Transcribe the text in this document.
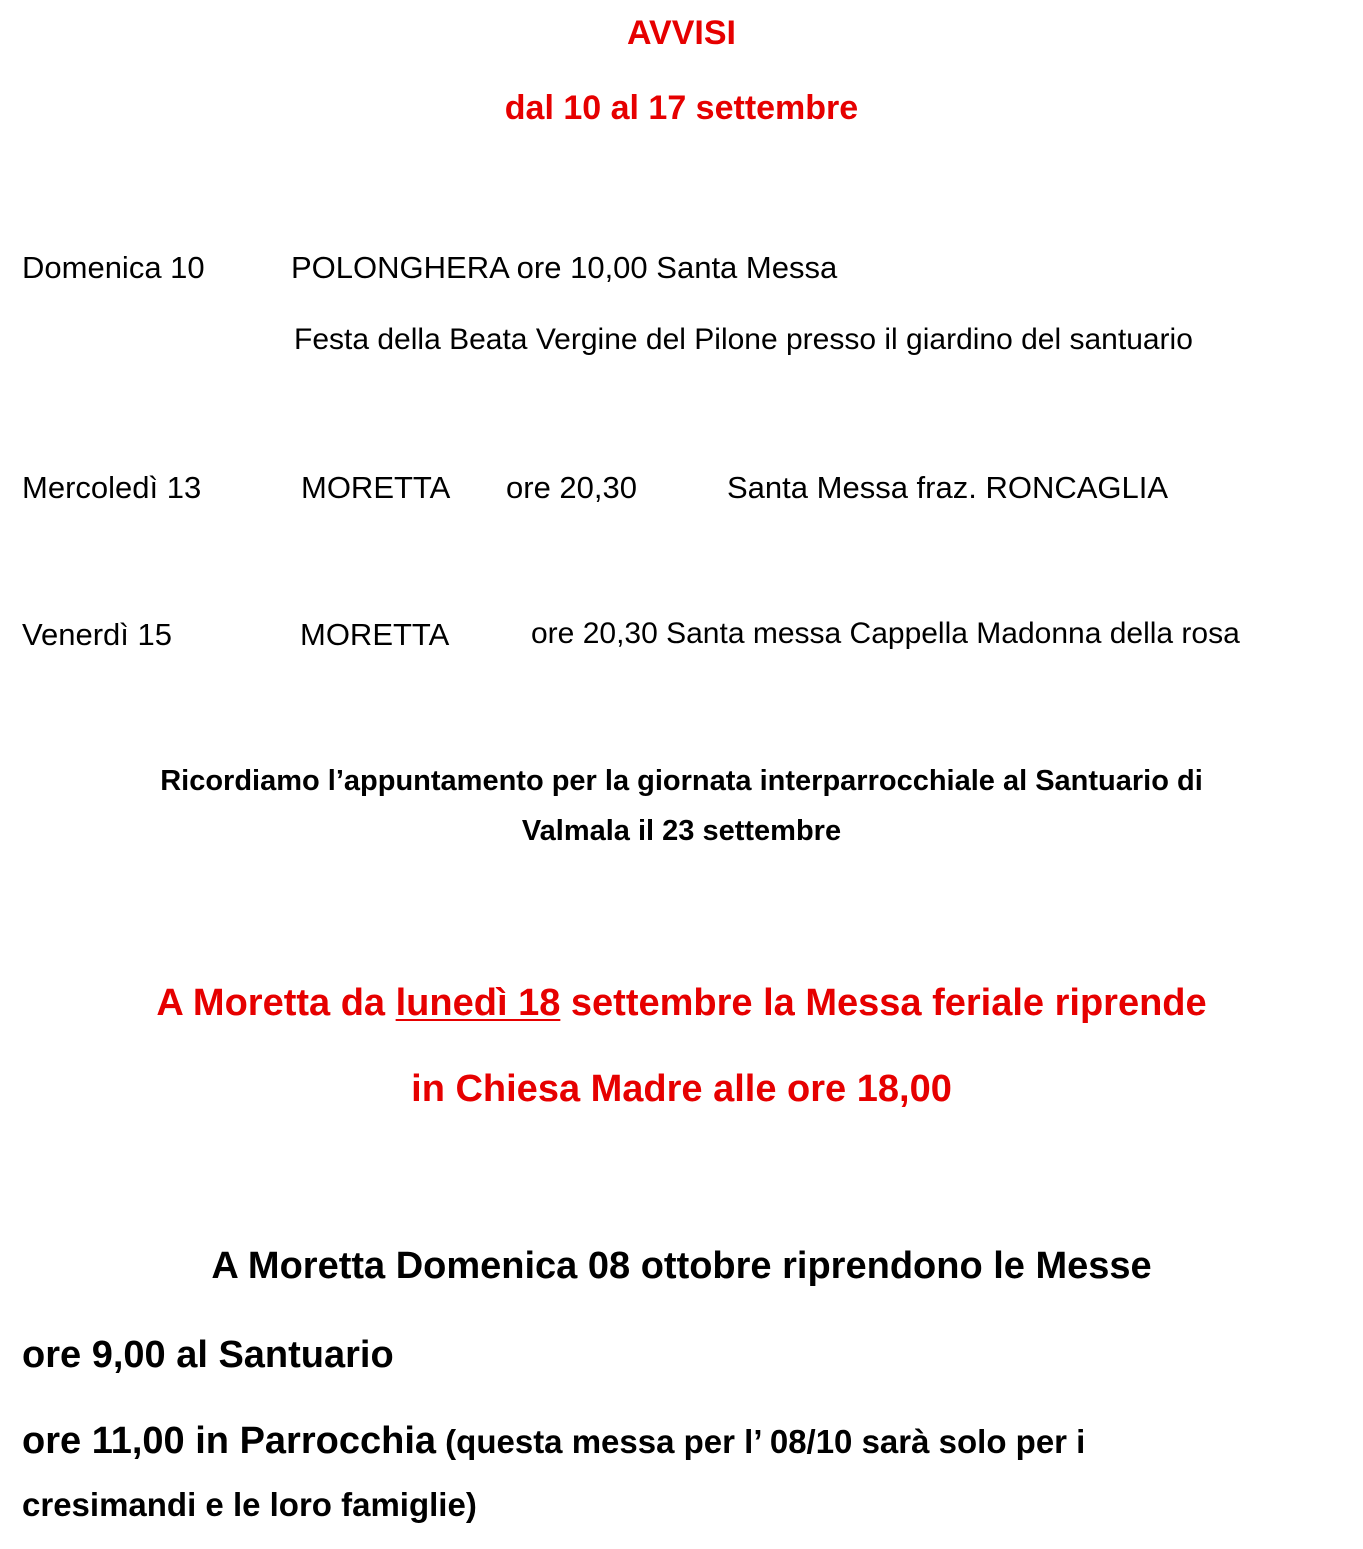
AVVISI
dal 10 al 17 settembre
Domenica 10	POLONGHERA ore 10,00 Santa Messa
Festa della Beata Vergine del Pilone presso il giardino del santuario
Mercoledì 13	MORETTA ore 20,30	Santa Messa fraz. RONCAGLIA
Venerdì 15	MORETTA	ore 20,30 Santa messa Cappella Madonna della rosa
Ricordiamo l’appuntamento per la giornata interparrocchiale al Santuario di
Valmala il 23 settembre
A Moretta da lunedì 18 settembre la Messa feriale riprende
in Chiesa Madre alle ore 18,00
A Moretta Domenica 08 ottobre riprendono le Messe
ore 9,00 al Santuario
ore 11,00 in Parrocchia (questa messa per l’ 08/10 sarà solo per i
cresimandi e le loro famiglie)
